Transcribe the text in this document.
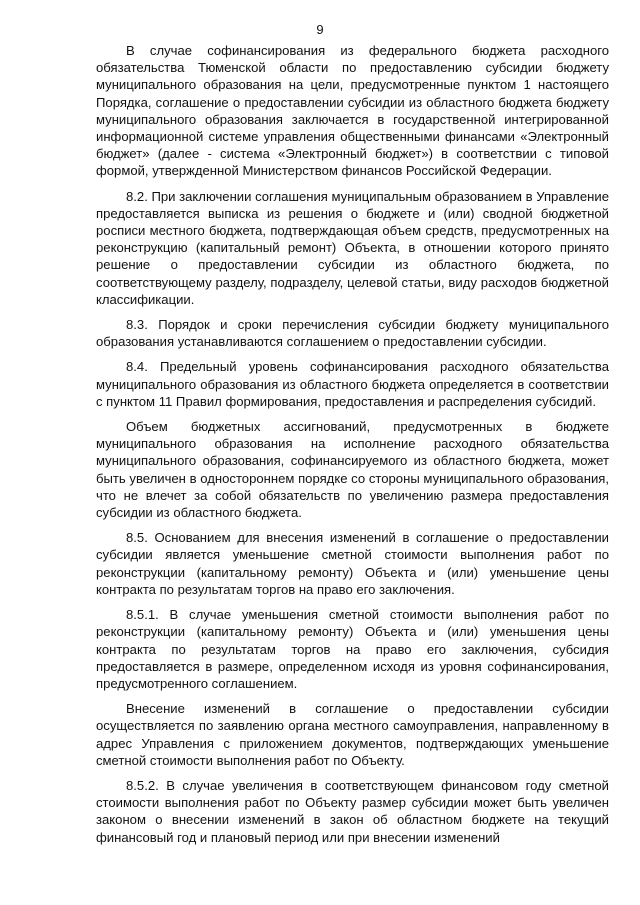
9

В случае софинансирования из федерального бюджета расходного обязательства Тюменской области по предоставлению субсидии бюджету муниципального образования на цели, предусмотренные пунктом 1 настоящего Порядка, соглашение о предоставлении субсидии из областного бюджета бюджету муниципального образования заключается в государственной интегрированной информационной системе управления общественными финансами «Электронный бюджет» (далее - система «Электронный бюджет») в соответствии с типовой формой, утвержденной Министерством финансов Российской Федерации.

8.2. При заключении соглашения муниципальным образованием в Управление предоставляется выписка из решения о бюджете и (или) сводной бюджетной росписи местного бюджета, подтверждающая объем средств, предусмотренных на реконструкцию (капитальный ремонт) Объекта, в отношении которого принято решение о предоставлении субсидии из областного бюджета, по соответствующему разделу, подразделу, целевой статьи, виду расходов бюджетной классификации.

8.3. Порядок и сроки перечисления субсидии бюджету муниципального образования устанавливаются соглашением о предоставлении субсидии.

8.4. Предельный уровень софинансирования расходного обязательства муниципального образования из областного бюджета определяется в соответствии с пунктом 11 Правил формирования, предоставления и распределения субсидий.

Объем бюджетных ассигнований, предусмотренных в бюджете муниципального образования на исполнение расходного обязательства муниципального образования, софинансируемого из областного бюджета, может быть увеличен в одностороннем порядке со стороны муниципального образования, что не влечет за собой обязательств по увеличению размера предоставления субсидии из областного бюджета.

8.5. Основанием для внесения изменений в соглашение о предоставлении субсидии является уменьшение сметной стоимости выполнения работ по реконструкции (капитальному ремонту) Объекта и (или) уменьшение цены контракта по результатам торгов на право его заключения.

8.5.1. В случае уменьшения сметной стоимости выполнения работ по реконструкции (капитальному ремонту) Объекта и (или) уменьшения цены контракта по результатам торгов на право его заключения, субсидия предоставляется в размере, определенном исходя из уровня софинансирования, предусмотренного соглашением.

Внесение изменений в соглашение о предоставлении субсидии осуществляется по заявлению органа местного самоуправления, направленному в адрес Управления с приложением документов, подтверждающих уменьшение сметной стоимости выполнения работ по Объекту.

8.5.2. В случае увеличения в соответствующем финансовом году сметной стоимости выполнения работ по Объекту размер субсидии может быть увеличен законом о внесении изменений в закон об областном бюджете на текущий финансовый год и плановый период или при внесении изменений
